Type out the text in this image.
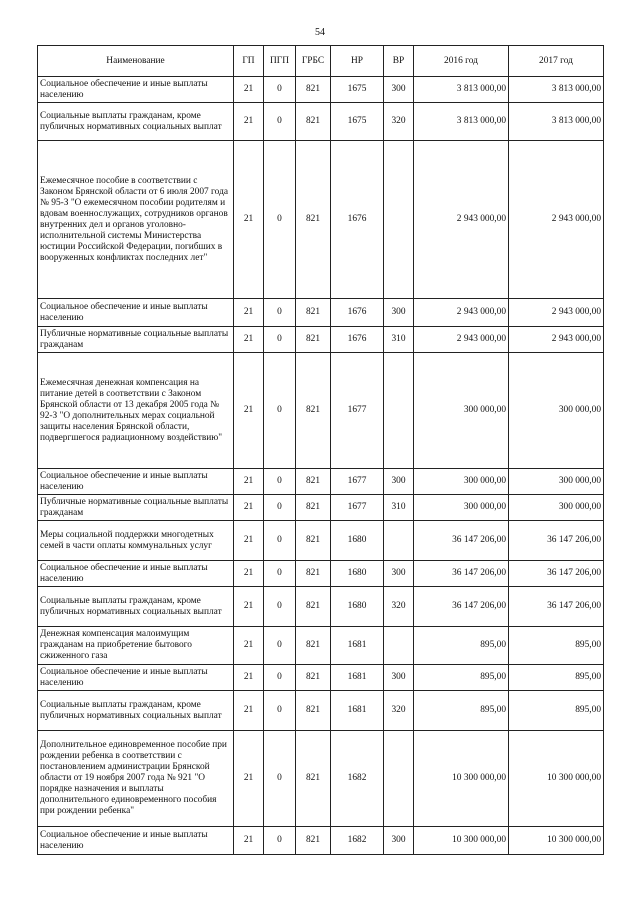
54
Наименование	ГП	ПГП	ГРБС	НР	ВР	2016 год	2017 год
Социальное обеспечение и иные выплаты населению	21	0	821	1675	300	3 813 000,00	3 813 000,00
Социальные выплаты гражданам, кроме публичных нормативных социальных выплат	21	0	821	1675	320	3 813 000,00	3 813 000,00
Ежемесячное пособие в соответствии с Законом Брянской области от 6 июля 2007 года № 95-З "О ежемесячном пособии родителям и вдовам военнослужащих, сотрудников органов внутренних дел и органов уголовно-исполнительной системы Министерства юстиции Российской Федерации, погибших в вооруженных конфликтах последних лет"	21	0	821	1676		2 943 000,00	2 943 000,00
Социальное обеспечение и иные выплаты населению	21	0	821	1676	300	2 943 000,00	2 943 000,00
Публичные нормативные социальные выплаты гражданам	21	0	821	1676	310	2 943 000,00	2 943 000,00
Ежемесячная денежная компенсация на питание детей в соответствии с Законом Брянской области от 13 декабря 2005 года № 92-З "О дополнительных мерах социальной защиты населения Брянской области, подвергшегося радиационному воздействию"	21	0	821	1677		300 000,00	300 000,00
Социальное обеспечение и иные выплаты населению	21	0	821	1677	300	300 000,00	300 000,00
Публичные нормативные социальные выплаты гражданам	21	0	821	1677	310	300 000,00	300 000,00
Меры социальной поддержки многодетных семей в части оплаты коммунальных услуг	21	0	821	1680		36 147 206,00	36 147 206,00
Социальное обеспечение и иные выплаты населению	21	0	821	1680	300	36 147 206,00	36 147 206,00
Социальные выплаты гражданам, кроме публичных нормативных социальных выплат	21	0	821	1680	320	36 147 206,00	36 147 206,00
Денежная компенсация малоимущим гражданам на приобретение бытового сжиженного газа	21	0	821	1681		895,00	895,00
Социальное обеспечение и иные выплаты населению	21	0	821	1681	300	895,00	895,00
Социальные выплаты гражданам, кроме публичных нормативных социальных выплат	21	0	821	1681	320	895,00	895,00
Дополнительное единовременное пособие при рождении ребенка в соответствии с постановлением администрации Брянской области от 19 ноября 2007 года № 921 "О порядке назначения и выплаты дополнительного единовременного пособия при рождении ребенка"	21	0	821	1682		10 300 000,00	10 300 000,00
Социальное обеспечение и иные выплаты населению	21	0	821	1682	300	10 300 000,00	10 300 000,00
